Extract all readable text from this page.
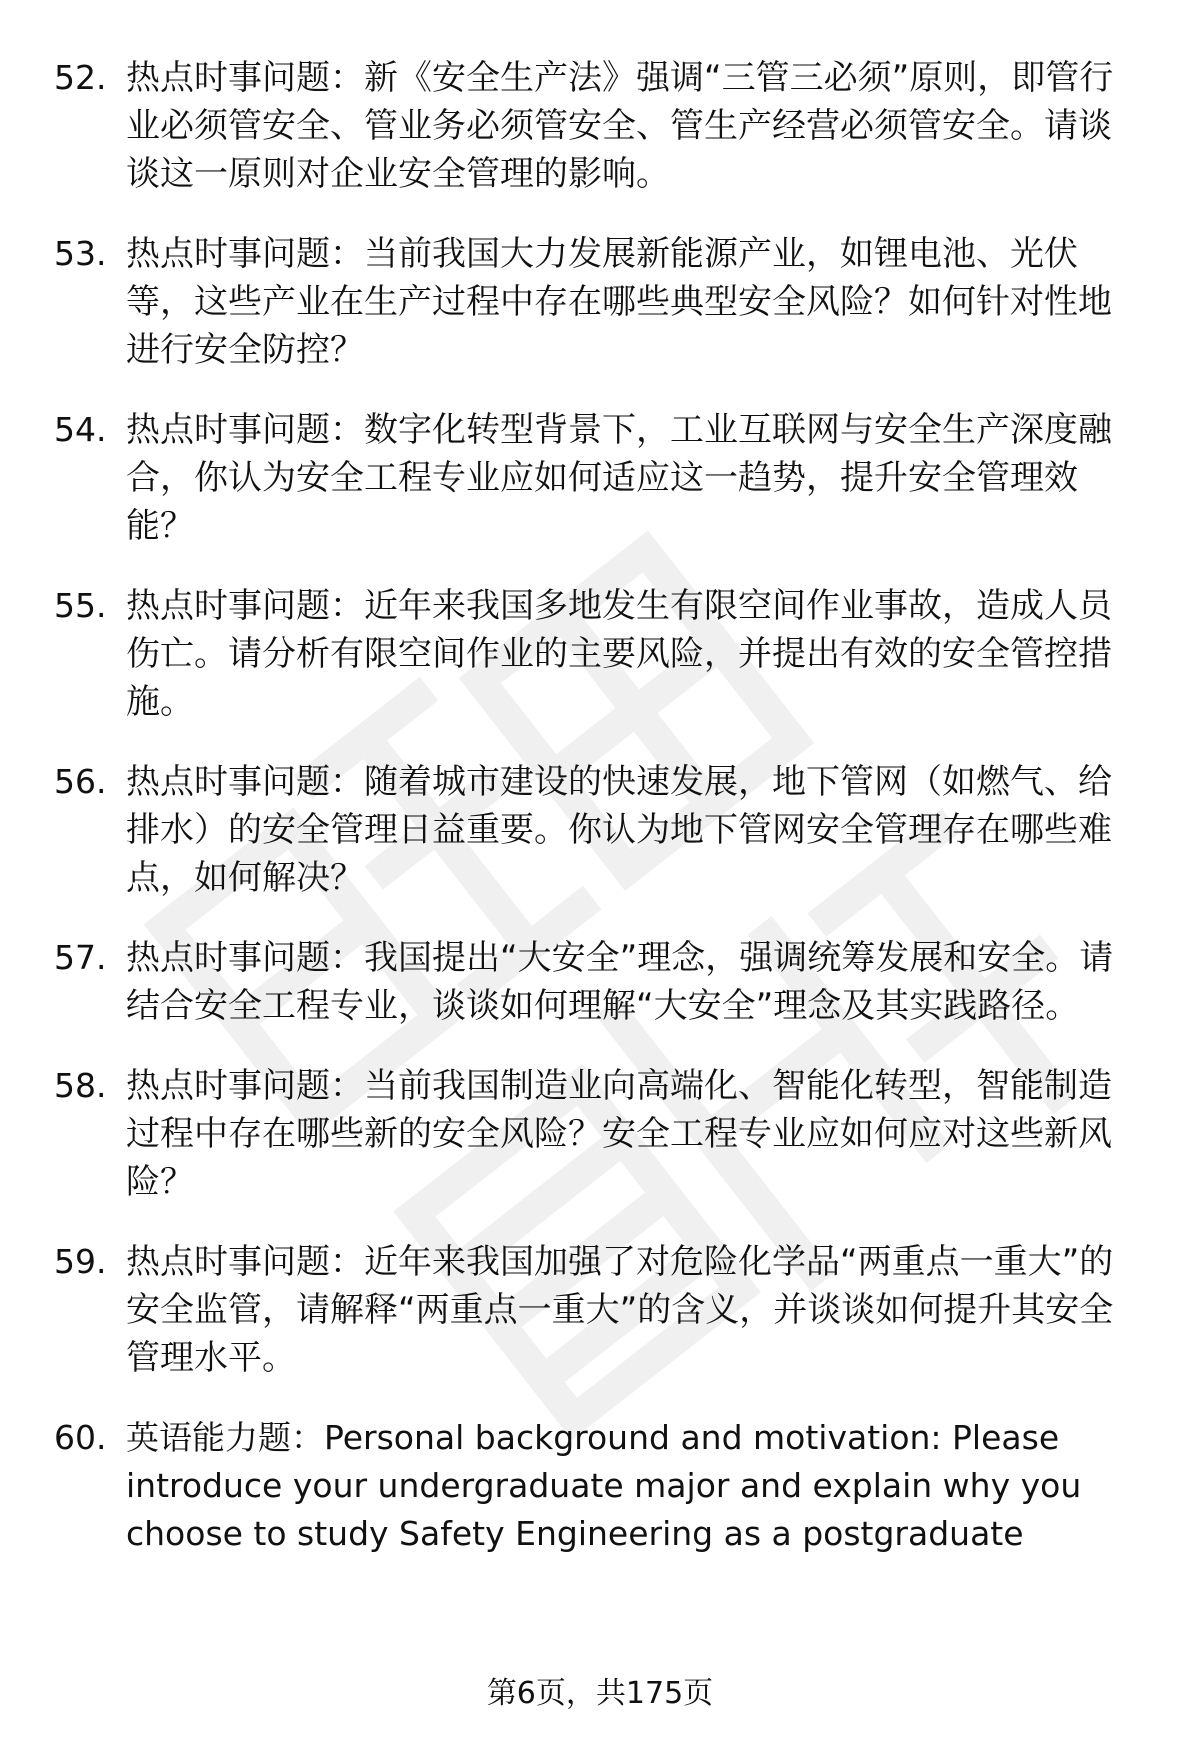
52. 热点时事问题：新《安全生产法》强调“三管三必须”原则，即管行业必须管安全、管业务必须管安全、管生产经营必须管安全。请谈谈这一原则对企业安全管理的影响。
53. 热点时事问题：当前我国大力发展新能源产业，如锂电池、光伏等，这些产业在生产过程中存在哪些典型安全风险？如何针对性地进行安全防控？
54. 热点时事问题：数字化转型背景下，工业互联网与安全生产深度融合，你认为安全工程专业应如何适应这一趋势，提升安全管理效能？
55. 热点时事问题：近年来我国多地发生有限空间作业事故，造成人员伤亡。请分析有限空间作业的主要风险，并提出有效的安全管控措施。
56. 热点时事问题：随着城市建设的快速发展，地下管网（如燃气、给排水）的安全管理日益重要。你认为地下管网安全管理存在哪些难点，如何解决？
57. 热点时事问题：我国提出“大安全”理念，强调统筹发展和安全。请结合安全工程专业，谈谈如何理解“大安全”理念及其实践路径。
58. 热点时事问题：当前我国制造业向高端化、智能化转型，智能制造过程中存在哪些新的安全风险？安全工程专业应如何应对这些新风险？
59. 热点时事问题：近年来我国加强了对危险化学品“两重点一重大”的安全监管，请解释“两重点一重大”的含义，并谈谈如何提升其安全管理水平。
60. 英语能力题：Personal background and motivation: Please introduce your undergraduate major and explain why you choose to study Safety Engineering as a postgraduate
第6页，共175页
